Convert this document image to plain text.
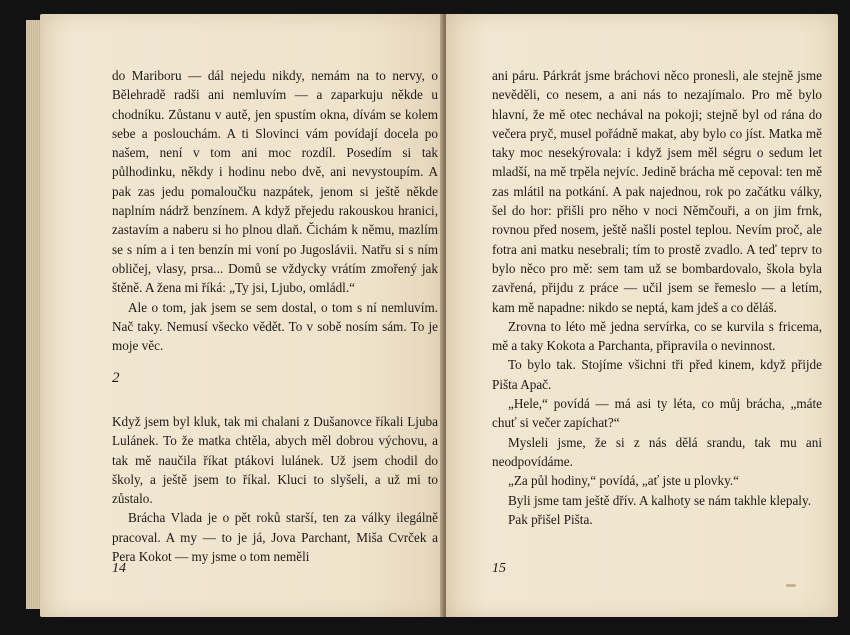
do Mariboru — dál nejedu nikdy, nemám na to nervy, o Bělehradě radši ani nemluvím — a zaparkuju někde u chodníku. Zůstanu v autě, jen spustím okna, dívám se kolem sebe a poslouchám. A ti Slovinci vám povídají docela po našem, není v tom ani moc rozdíl. Posedím si tak půlhodinku, někdy i hodinu nebo dvě, ani nevystoupím. A pak zas jedu pomaloučku nazpátek, jenom si ještě někde naplním nádrž benzínem. A když přejedu rakouskou hranici, zastavím a naberu si ho plnou dlaň. Čichám k němu, mazlím se s ním a i ten benzín mi voní po Jugoslávii. Natřu si s ním obličej, vlasy, prsa... Domů se vždycky vrátím zmořený jak štěně. A žena mi říká: „Ty jsi, Ljubo, omládl.“

Ale o tom, jak jsem se sem dostal, o tom s ní nemluvím. Nač taky. Nemusí všecko vědět. To v sobě nosím sám. To je moje věc.

2

Když jsem byl kluk, tak mi chalani z Dušanovce říkali Ljuba Lulánek. To že matka chtěla, abych měl dobrou výchovu, a tak mě naučila říkat ptákovi lulánek. Už jsem chodil do školy, a ještě jsem to říkal. Kluci to slyšeli, a už mi to zůstalo.

Brácha Vlada je o pět roků starší, ten za války ilegálně pracoval. A my — to je já, Jova Parchant, Miša Cvrček a Pera Kokot — my jsme o tom neměli

14

ani páru. Párkrát jsme bráchovi něco pronesli, ale stejně jsme nevěděli, co nesem, a ani nás to nezajímalo. Pro mě bylo hlavní, že mě otec nechával na pokoji; stejně byl od rána do večera pryč, musel pořádně makat, aby bylo co jíst. Matka mě taky moc nesekýrovala: i když jsem měl ségru o sedum let mladší, na mě trpěla nejvíc. Jedině brácha mě cepoval: ten mě zas mlátil na potkání. A pak najednou, rok po začátku války, šel do hor: přišli pro něho v noci Němčouři, a on jim frnk, rovnou před nosem, ještě našli postel teplou. Nevím proč, ale fotra ani matku nesebrali; tím to prostě zvadlo. A teď teprv to bylo něco pro mě: sem tam už se bombardovalo, škola byla zavřená, přijdu z práce — učil jsem se řemeslo — a letím, kam mě napadne: nikdo se neptá, kam jdeš a co děláš.

Zrovna to léto mě jedna servírka, co se kurvila s fricema, mě a taky Kokota a Parchanta, připravila o nevinnost.

To bylo tak. Stojíme všichni tři před kinem, když přijde Pišta Apač.

„Hele,“ povídá — má asi ty léta, co můj brácha, „máte chuť si večer zapíchat?“

Mysleli jsme, že si z nás dělá srandu, tak mu ani neodpovídáme.

„Za půl hodiny,“ povídá, „ať jste u plovky.“

Byli jsme tam ještě dřív. A kalhoty se nám takhle klepaly.

Pak přišel Pišta.

15
